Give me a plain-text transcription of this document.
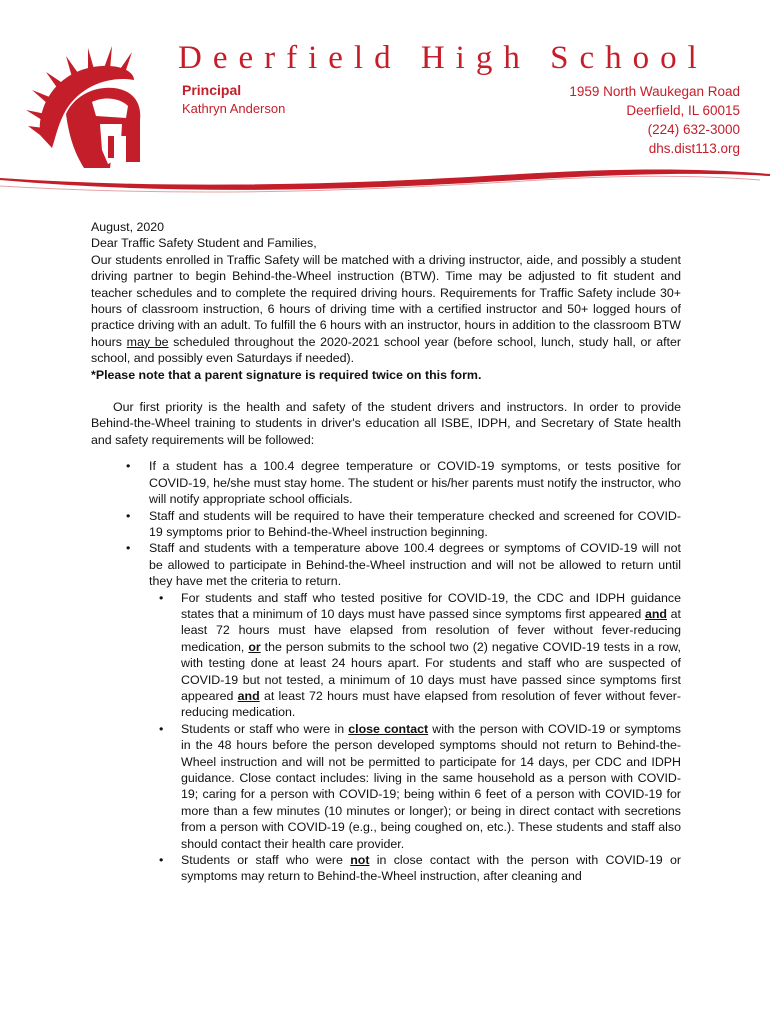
Deerfield High School
Principal
Kathryn Anderson
1959 North Waukegan Road
Deerfield, IL 60015
(224) 632-3000
dhs.dist113.org

August, 2020

Dear Traffic Safety Student and Families,

Our students enrolled in Traffic Safety will be matched with a driving instructor, aide, and possibly a student driving partner to begin Behind-the-Wheel instruction (BTW). Time may be adjusted to fit student and teacher schedules and to complete the required driving hours. Requirements for Traffic Safety include 30+ hours of classroom instruction, 6 hours of driving time with a certified instructor and 50+ logged hours of practice driving with an adult. To fulfill the 6 hours with an instructor, hours in addition to the classroom BTW hours may be scheduled throughout the 2020-2021 school year (before school, lunch, study hall, or after school, and possibly even Saturdays if needed).

*Please note that a parent signature is required twice on this form.

Our first priority is the health and safety of the student drivers and instructors. In order to provide Behind-the-Wheel training to students in driver's education all ISBE, IDPH, and Secretary of State health and safety requirements will be followed:

• If a student has a 100.4 degree temperature or COVID-19 symptoms, or tests positive for COVID-19, he/she must stay home. The student or his/her parents must notify the instructor, who will notify appropriate school officials.
• Staff and students will be required to have their temperature checked and screened for COVID-19 symptoms prior to Behind-the-Wheel instruction beginning.
• Staff and students with a temperature above 100.4 degrees or symptoms of COVID-19 will not be allowed to participate in Behind-the-Wheel instruction and will not be allowed to return until they have met the criteria to return.
• For students and staff who tested positive for COVID-19, the CDC and IDPH guidance states that a minimum of 10 days must have passed since symptoms first appeared and at least 72 hours must have elapsed from resolution of fever without fever-reducing medication, or the person submits to the school two (2) negative COVID-19 tests in a row, with testing done at least 24 hours apart. For students and staff who are suspected of COVID-19 but not tested, a minimum of 10 days must have passed since symptoms first appeared and at least 72 hours must have elapsed from resolution of fever without fever-reducing medication.
• Students or staff who were in close contact with the person with COVID-19 or symptoms in the 48 hours before the person developed symptoms should not return to Behind-the-Wheel instruction and will not be permitted to participate for 14 days, per CDC and IDPH guidance. Close contact includes: living in the same household as a person with COVID-19; caring for a person with COVID-19; being within 6 feet of a person with COVID-19 for more than a few minutes (10 minutes or longer); or being in direct contact with secretions from a person with COVID-19 (e.g., being coughed on, etc.). These students and staff also should contact their health care provider.
• Students or staff who were not in close contact with the person with COVID-19 or symptoms may return to Behind-the-Wheel instruction, after cleaning and
